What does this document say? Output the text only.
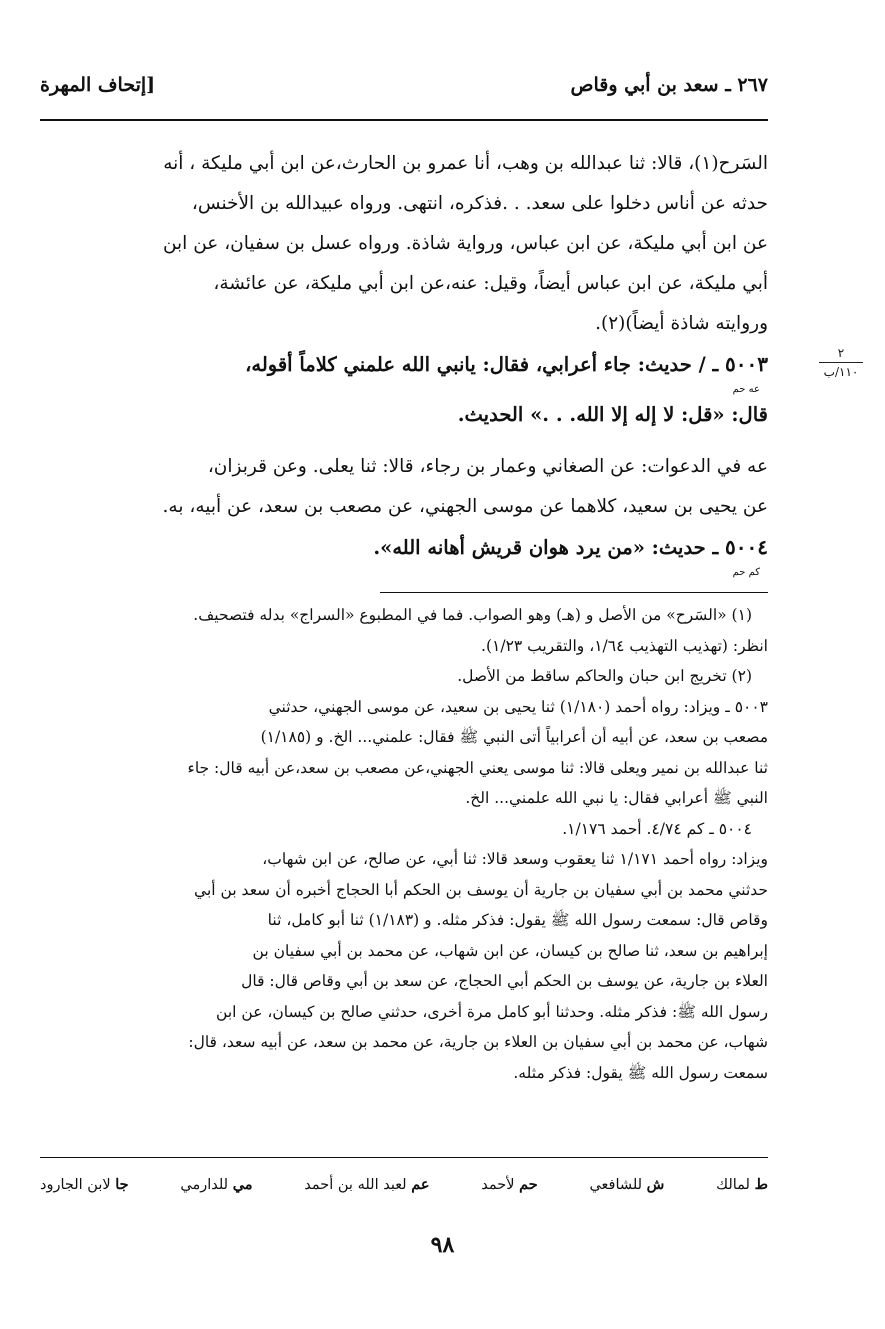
٢٦٧ ـ سعد بن أبي وقاص
[إتحاف المهرة
٢
١١٠/ب

السَرح(١)، قالا: ثنا عبدالله بن وهب، أنا عمرو بن الحارث،عن ابن أبي مليكة ، أنه

حدثه عن أناس دخلوا على سعد. . .فذكره، انتهى. ورواه عبيدالله بن الأخنس،

عن ابن أبي مليكة، عن ابن عباس، ورواية شاذة. ورواه عسل بن سفيان، عن ابن

أبي مليكة، عن ابن عباس أيضاً، وقيل: عنه،عن ابن أبي مليكة، عن عائشة،

وروايته شاذة أيضاً)(٢).

٥٠٠٣ ـ / حديث: جاء أعرابي، فقال: يانبي الله علمني كلاماً أقوله،

عه حم

قال: «قل: لا إله إلا الله. . .» الحديث.

عه في الدعوات: عن الصغاني وعمار بن رجاء، قالا: ثنا يعلى. وعن قربزان،

عن يحيى بن سعيد، كلاهما عن موسى الجهني، عن مصعب بن سعد، عن أبيه، به.

٥٠٠٤ ـ حديث: «من يرد هوان قريش أهانه الله».

كم حم

(١) «السَرح» من الأصل و (هـ) وهو الصواب. فما في المطبوع «السراج» بدله فتصحيف.

انظر: (تهذيب التهذيب ١/٦٤، والتقريب ١/٢٣).

(٢) تخريج ابن حبان والحاكم ساقط من الأصل.

٥٠٠٣ ـ ويزاد: رواه أحمد (١/١٨٠) ثنا يحيى بن سعيد، عن موسى الجهني، حدثني

مصعب بن سعد، عن أبيه أن أعرابياً أتى النبي ﷺ فقال: علمني... الخ. و (١/١٨٥)

ثنا عبدالله بن نمير ويعلى قالا: ثنا موسى يعني الجهني،عن مصعب بن سعد،عن أبيه قال: جاء

النبي ﷺ أعرابي فقال: يا نبي الله علمني... الخ.

٥٠٠٤ ـ كم ٤/٧٤. أحمد ١/١٧٦.

ويزاد: رواه أحمد ١/١٧١ ثنا يعقوب وسعد قالا: ثنا أبي، عن صالح، عن ابن شهاب،

حدثني محمد بن أبي سفيان بن جارية أن يوسف بن الحكم أبا الحجاج أخبره أن سعد بن أبي

وقاص قال: سمعت رسول الله ﷺ يقول: فذكر مثله. و (١/١٨٣) ثنا أبو كامل، ثنا

إبراهيم بن سعد، ثنا صالح بن كيسان، عن ابن شهاب، عن محمد بن أبي سفيان بن

العلاء بن جارية، عن يوسف بن الحكم أبي الحجاج، عن سعد بن أبي وقاص قال: قال

رسول الله ﷺ: فذكر مثله. وحدثنا أبو كامل مرة أخرى، حدثني صالح بن كيسان، عن ابن

شهاب، عن محمد بن أبي سفيان بن العلاء بن جارية، عن محمد بن سعد، عن أبيه سعد، قال:

سمعت رسول الله ﷺ يقول: فذكر مثله.

ط لمالك
ش للشافعي
حم لأحمد
عم لعبد الله بن أحمد
مي للدارمي
جا لابن الجارود
٩٨
